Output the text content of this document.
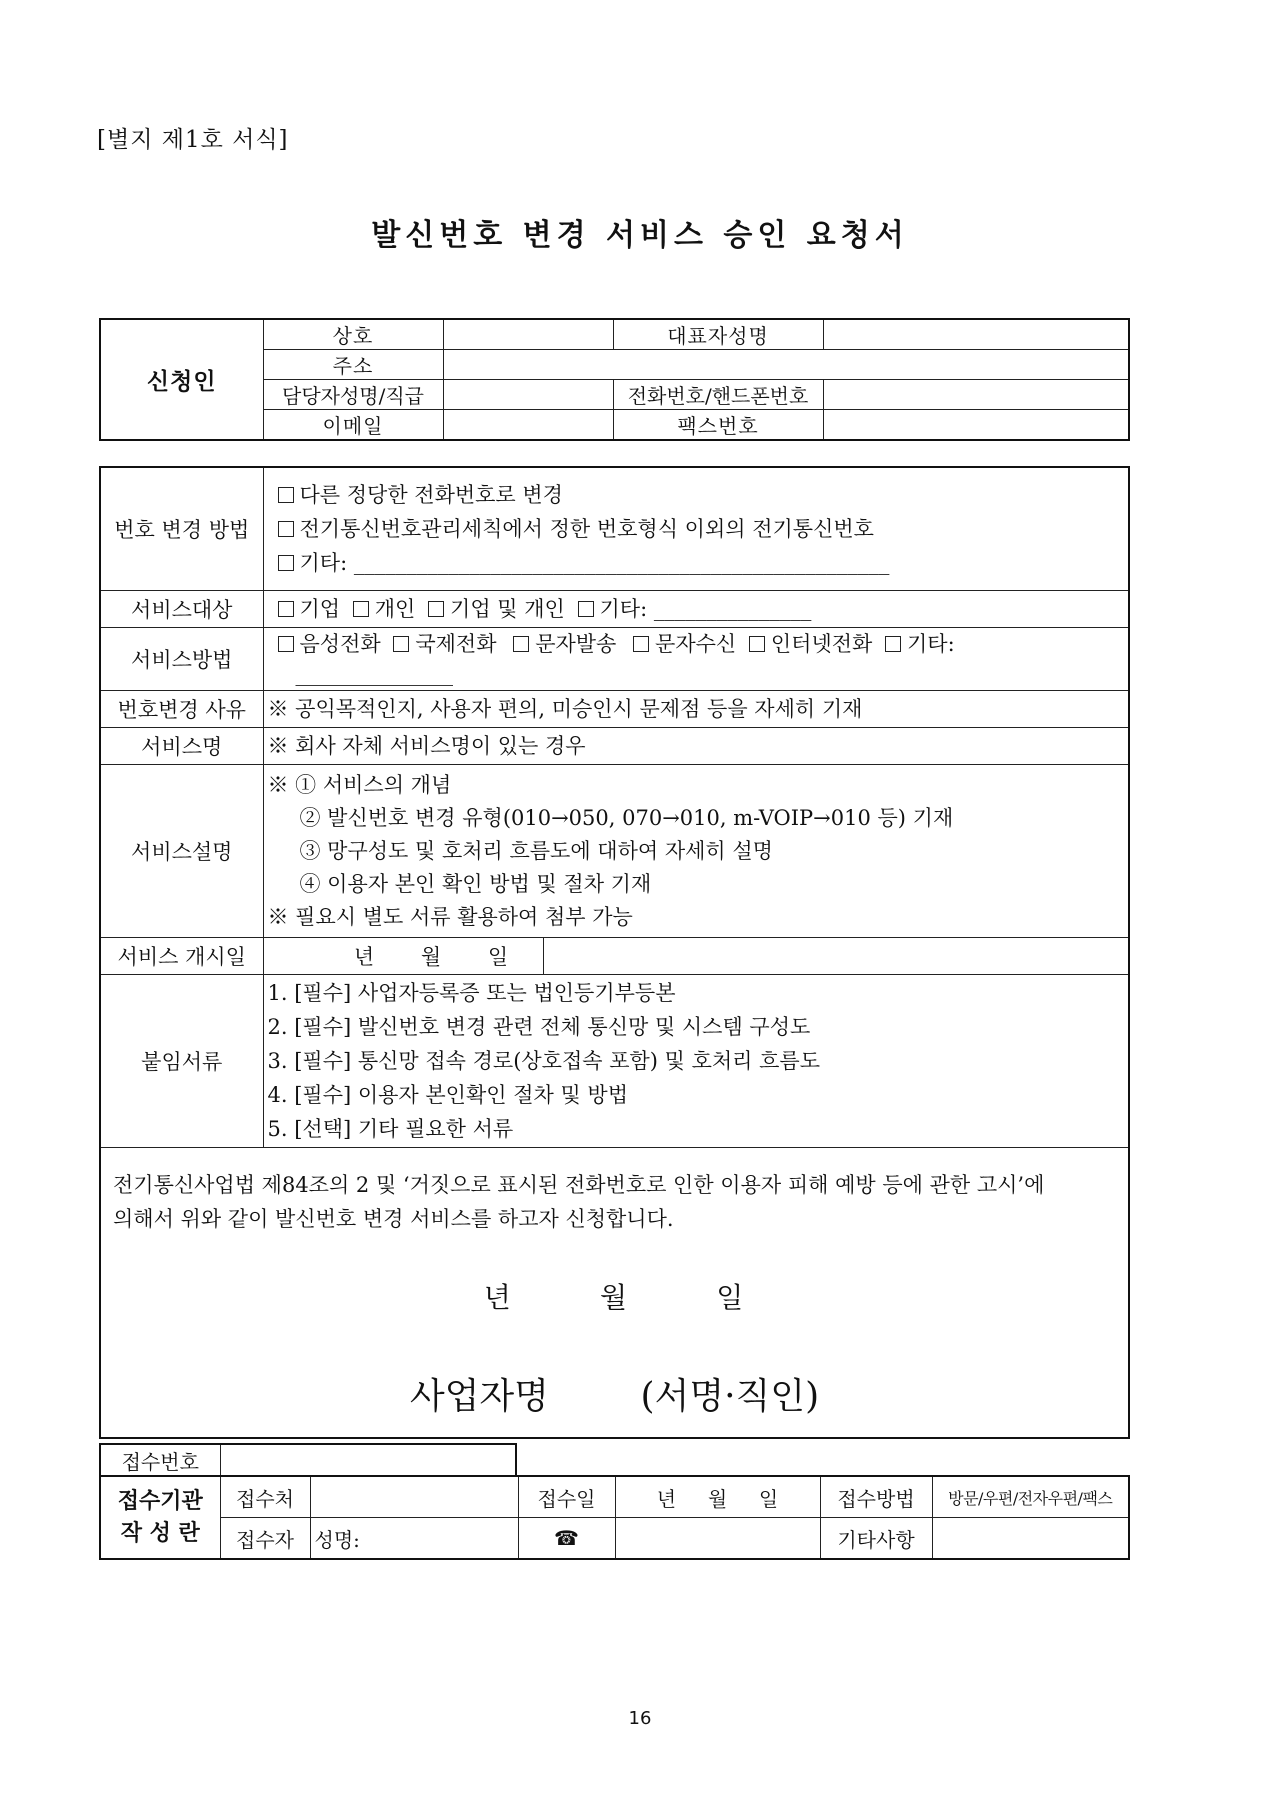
[별지 제1호 서식]
발신번호 변경 서비스 승인 요청서
신청인	상호		대표자성명	
	주소			
	담당자성명/직급		전화번호/핸드폰번호	
	이메일		팩스번호	
번호 변경 방법	다른 정당한 전화번호로 변경
전기통신번호관리세칙에서 정한 번호형식 이외의 전기통신번호
기타: ___________________________________________________	

서비스대상	기업 개인 기업 및 개인 기타: _______________	
서비스방법	음성전화 국제전화 문자발송 문자수신 인터넷전화 기타:
_______________	

번호변경 사유	※ 공익목적인지, 사용자 편의, 미승인시 문제점 등을 자세히 기재	
서비스명	※ 회사 자체 서비스명이 있는 경우	
서비스설명	※ ① 서비스의 개념
② 발신번호 변경 유형(010→050, 070→010, m-VOIP→010 등) 기재
③ 망구성도 및 호처리 흐름도에 대하여 자세히 설명
④ 이용자 본인 확인 방법 및 절차 기재
※ 필요시 별도 서류 활용하여 첨부 가능	

서비스 개시일	년       월       일	
붙임서류	1. [필수] 사업자등록증 또는 법인등기부등본
2. [필수] 발신번호 변경 관련 전체 통신망 및 시스템 구성도
3. [필수] 통신망 접속 경로(상호접속 포함) 및 호처리 흐름도
4. [필수] 이용자 본인확인 절차 및 방법
5. [선택] 기타 필요한 서류	

전기통신사업법 제84조의 2 및 ‘거짓으로 표시된 전화번호로 인한 이용자 피해 예방 등에 관한 고시’에
의해서 위와 같이 발신번호 변경 서비스를 하고자 신청합니다.
년        월        일
사업자명        (서명·직인)		
접수번호	
접수기관
작 성 란	접수처		접수일	년     월     일	접수방법	방문/우편/전자우편/팩스
	접수자	성명:	☎		기타사항	
16
